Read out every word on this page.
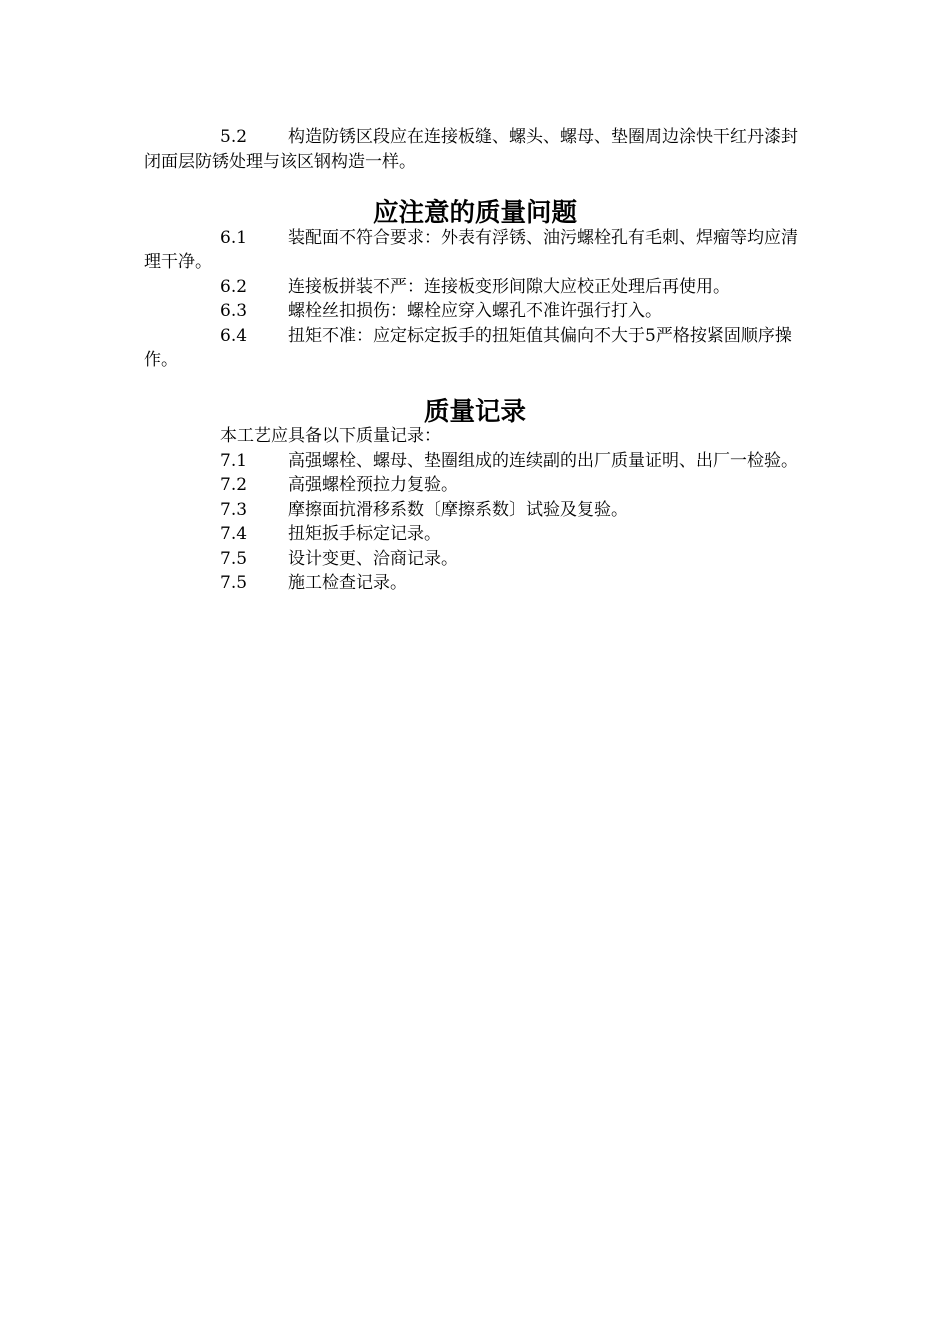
5.2 构造防锈区段应在连接板缝、螺头、螺母、垫圈周边涂快干红丹漆封闭面层防锈处理与该区钢构造一样。

应注意的质量问题

6.1 装配面不符合要求：外表有浮锈、油污螺栓孔有毛刺、焊瘤等均应清理干净。

6.2 连接板拼装不严：连接板变形间隙大应校正处理后再使用。

6.3 螺栓丝扣损伤：螺栓应穿入螺孔不准许强行打入。

6.4 扭矩不准：应定标定扳手的扭矩值其偏向不大于5严格按紧固顺序操作。

质量记录

本工艺应具备以下质量记录：

7.1 高强螺栓、螺母、垫圈组成的连续副的出厂质量证明、出厂一检验。

7.2 高强螺栓预拉力复验。

7.3 摩擦面抗滑移系数〔摩擦系数〕试验及复验。

7.4 扭矩扳手标定记录。

7.5 设计变更、洽商记录。

7.5 施工检查记录。
